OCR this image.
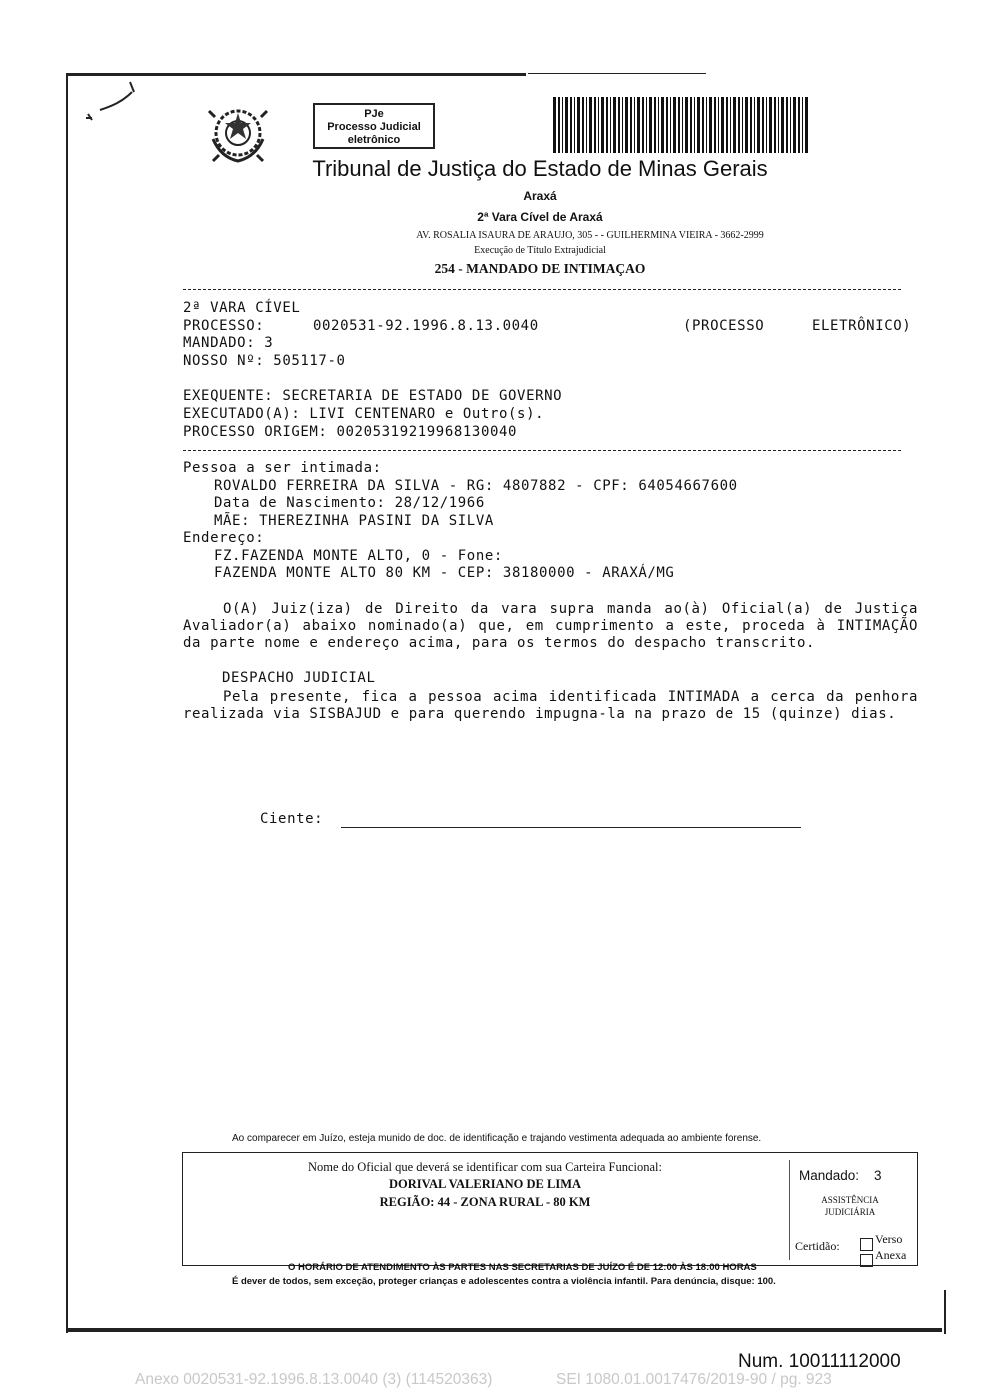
PJe
Processo Judicial
eletrônico
Tribunal de Justiça do Estado de Minas Gerais
Araxá
2ª Vara Cível de Araxá
AV. ROSALIA ISAURA DE ARAUJO, 305 - - GUILHERMINA VIEIRA - 3662-2999
Execução de Título Extrajudicial
254 - MANDADO DE INTIMAÇAO
2ª VARA CÍVEL
PROCESSO:	0020531-92.1996.8.13.0040	(PROCESSO	ELETRÔNICO)
MANDADO: 3
NOSSO Nº: 505117-0
EXEQUENTE: SECRETARIA DE ESTADO DE GOVERNO
EXECUTADO(A): LIVI CENTENARO e Outro(s).
PROCESSO ORIGEM: 00205319219968130040
Pessoa a ser intimada:
ROVALDO FERREIRA DA SILVA - RG: 4807882 - CPF: 64054667600
Data de Nascimento: 28/12/1966
MÃE: THEREZINHA PASINI DA SILVA
Endereço:
FZ.FAZENDA MONTE ALTO, 0 - Fone:
FAZENDA MONTE ALTO 80 KM - CEP: 38180000 - ARAXÁ/MG
O(A) Juiz(iza) de Direito da vara supra manda ao(à) Oficial(a) de Justiça Avaliador(a) abaixo nominado(a) que, em cumprimento a este, proceda à INTIMAÇÃO da parte nome e endereço acima, para os termos do despacho transcrito.
DESPACHO JUDICIAL
Pela presente, fica a pessoa acima identificada INTIMADA a cerca da penhora realizada via SISBAJUD e para querendo impugna-la na prazo de 15 (quinze) dias.
Ciente:
Ao comparecer em Juízo, esteja munido de doc. de identificação e trajando vestimenta adequada ao ambiente forense.
Nome do Oficial que deverá se identificar com sua Carteira Funcional:
DORIVAL VALERIANO DE LIMA
REGIÃO: 44 - ZONA RURAL - 80 KM
Mandado: 3
ASSISTÊNCIA
JUDICIÁRIA
Certidão:	Verso
Anexa
O HORÁRIO DE ATENDIMENTO ÀS PARTES NAS SECRETARIAS DE JUÍZO É DE 12:00 ÀS 18:00 HORAS
É dever de todos, sem exceção, proteger crianças e adolescentes contra a violência infantil. Para denúncia, disque: 100.
Num. 10011112000
Anexo 0020531-92.1996.8.13.0040 (3) (114520363)	SEI 1080.01.0017476/2019-90 / pg. 923
